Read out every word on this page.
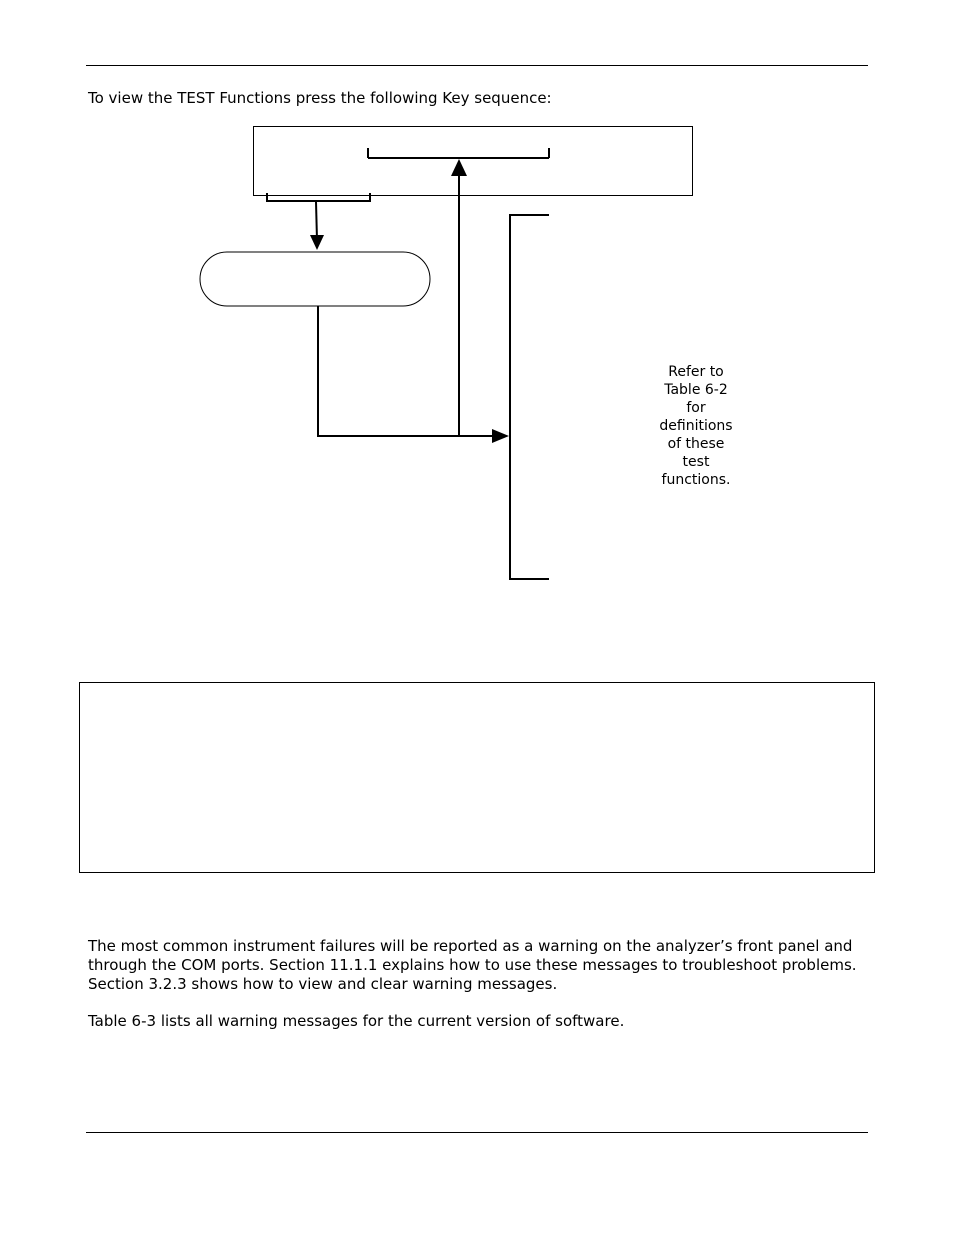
To view the TEST Functions press the following Key sequence:
Refer to
Table 6-2
for
definitions
of these
test
functions.

The most common instrument failures will be reported as a warning on the analyzer’s front panel and through the COM ports. Section 11.1.1 explains how to use these messages to troubleshoot problems. Section 3.2.3 shows how to view and clear warning messages.

Table 6-3 lists all warning messages for the current version of software.
